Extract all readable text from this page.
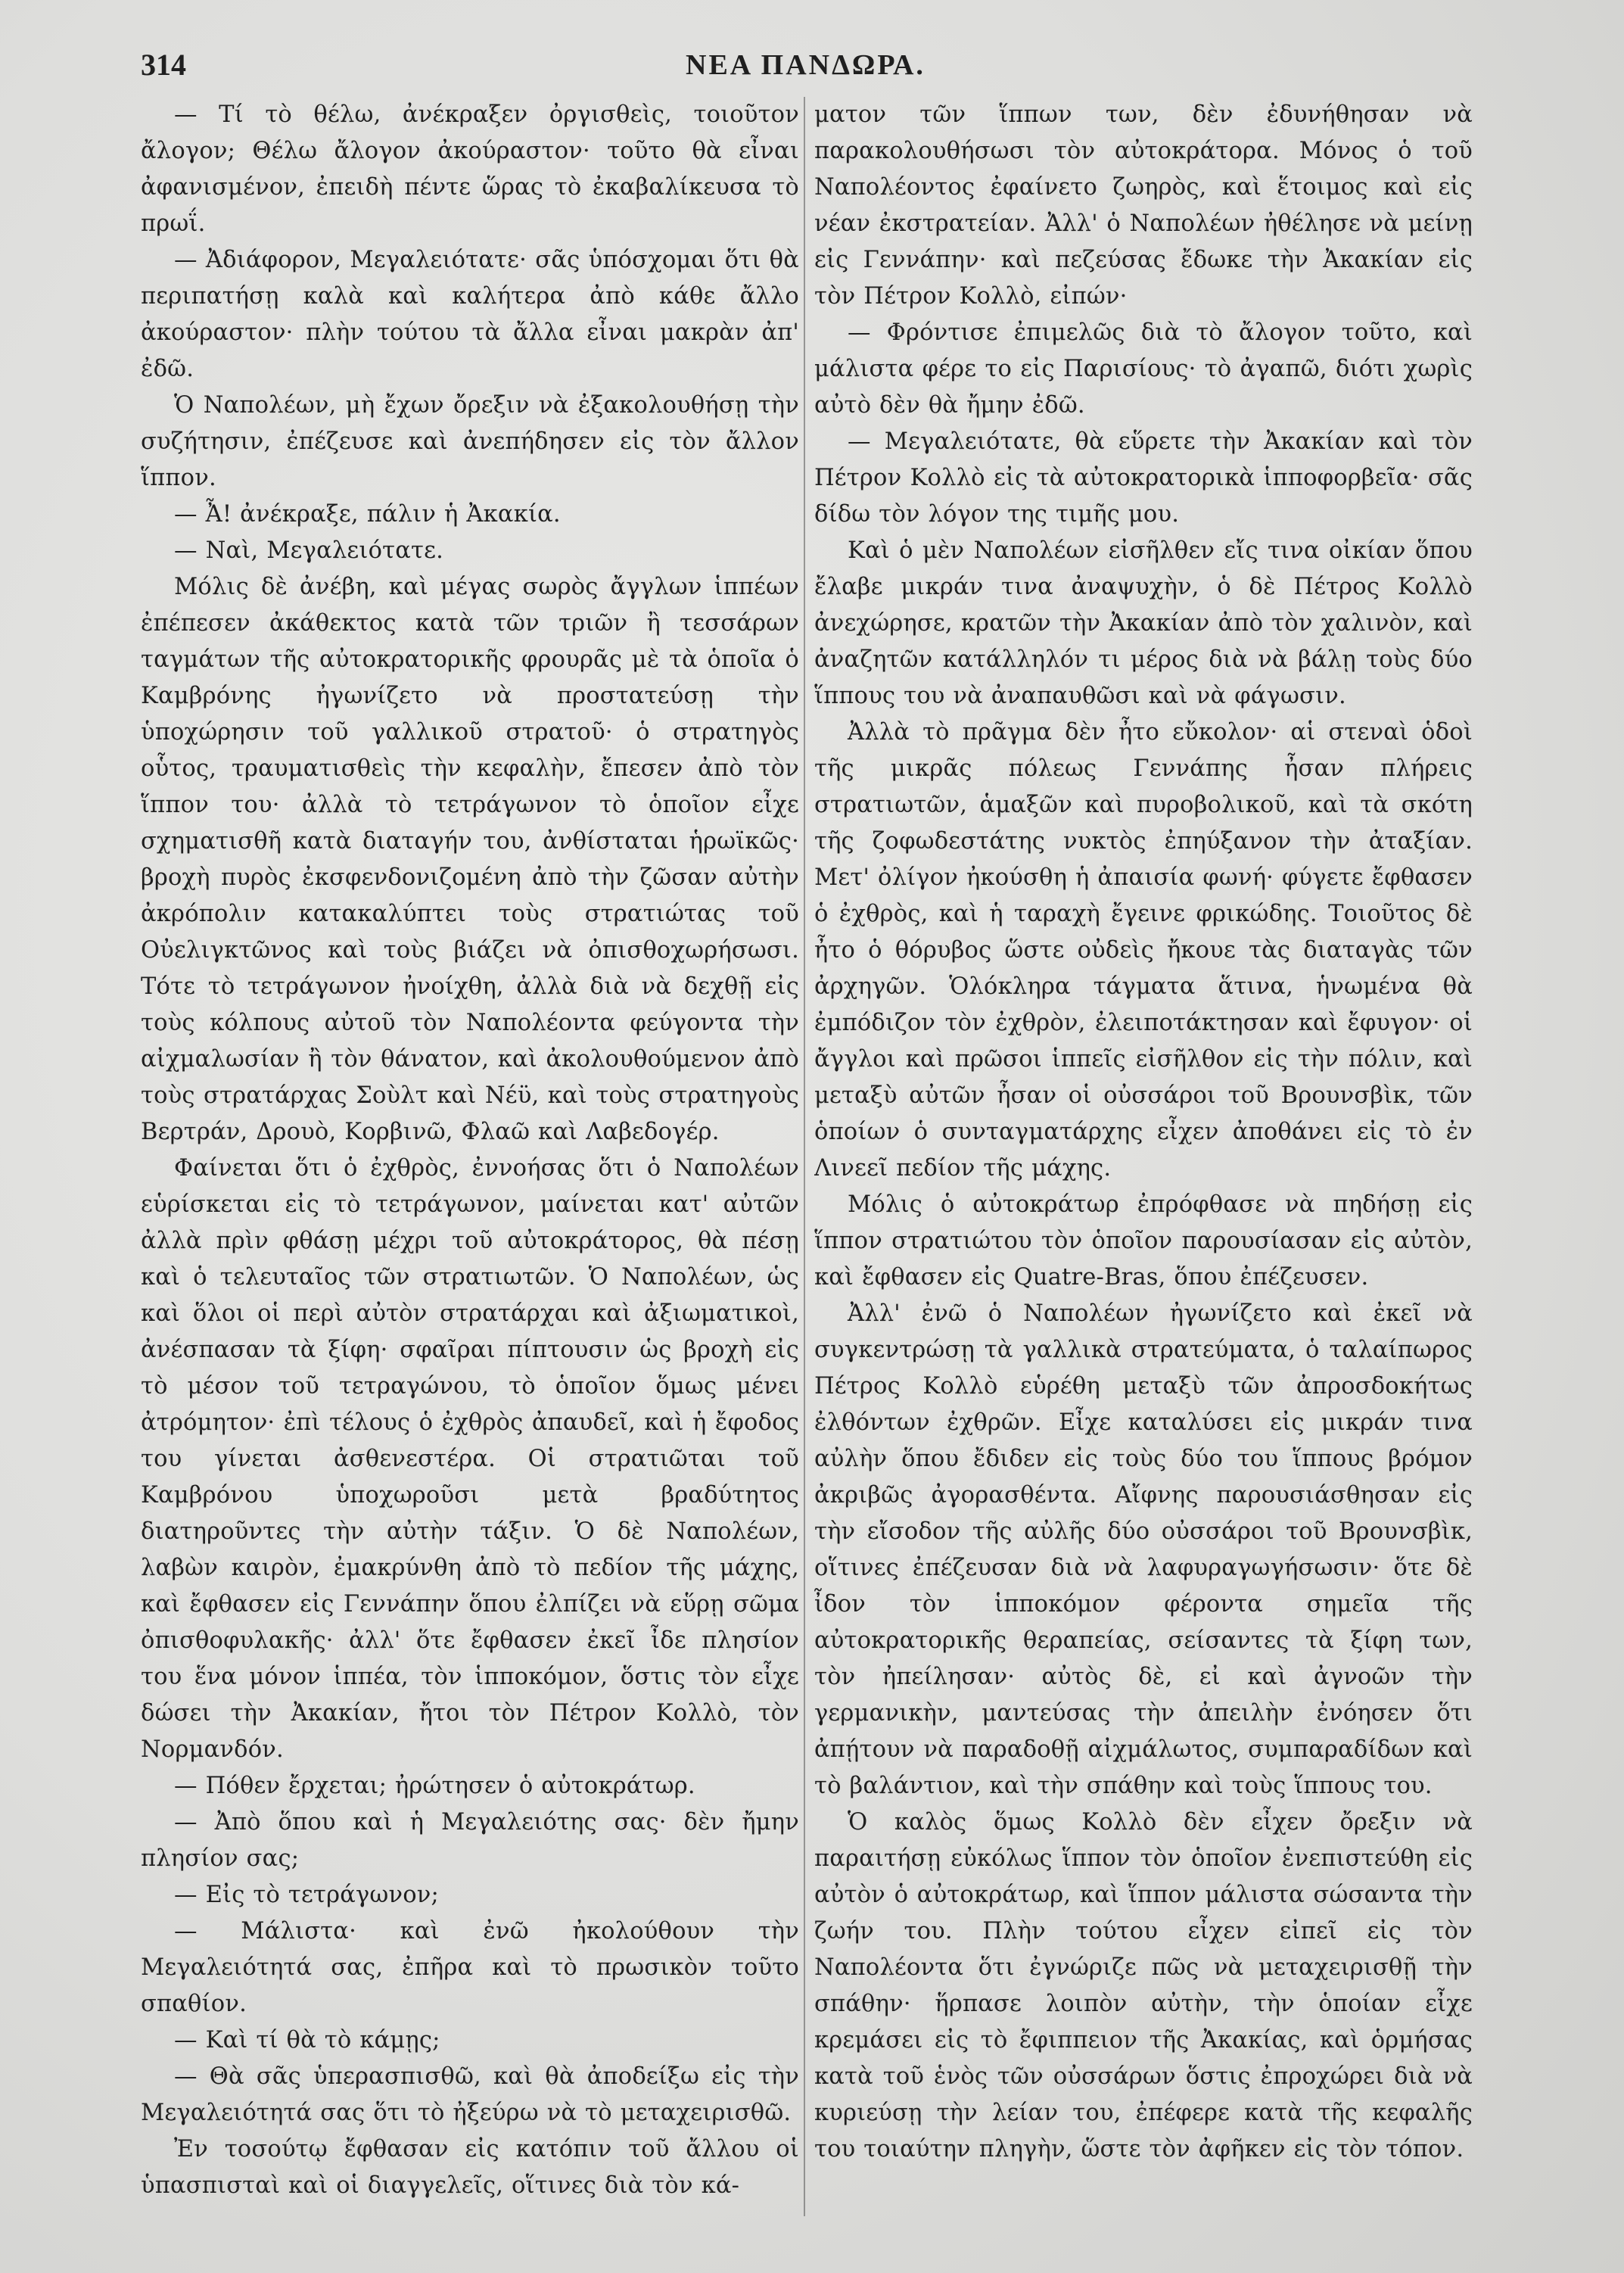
314	ΝΕΑ ΠΑΝΔΩΡΑ.

— Τί τὸ θέλω, ἀνέκραξεν ὀργισθεὶς, τοιοῦτον ἄλογον; Θέλω ἄλογον ἀκούραστον· τοῦτο θὰ εἶναι ἀφανισμένον, ἐπειδὴ πέντε ὥρας τὸ ἐκαβαλίκευσα τὸ πρωΐ.

— Ἀδιάφορον, Μεγαλειότατε· σᾶς ὑπόσχομαι ὅτι θὰ περιπατήσῃ καλὰ καὶ καλήτερα ἀπὸ κάθε ἄλλο ἀκούραστον· πλὴν τούτου τὰ ἄλλα εἶναι μακρὰν ἀπ' ἐδῶ.

Ὁ Ναπολέων, μὴ ἔχων ὄρεξιν νὰ ἐξακολουθήσῃ τὴν συζήτησιν, ἐπέζευσε καὶ ἀνεπήδησεν εἰς τὸν ἄλλον ἵππον.

— Ἆ! ἀνέκραξε, πάλιν ἡ Ἀκακία.

— Ναὶ, Μεγαλειότατε.

Μόλις δὲ ἀνέβη, καὶ μέγας σωρὸς ἄγγλων ἱππέων ἐπέπεσεν ἀκάθεκτος κατὰ τῶν τριῶν ἢ τεσσάρων ταγμάτων τῆς αὐτοκρατορικῆς φρουρᾶς μὲ τὰ ὁποῖα ὁ Καμβρόνης ἠγωνίζετο νὰ προστατεύσῃ τὴν ὑποχώρησιν τοῦ γαλλικοῦ στρατοῦ· ὁ στρατηγὸς οὗτος, τραυματισθεὶς τὴν κεφαλὴν, ἔπεσεν ἀπὸ τὸν ἵππον του· ἀλλὰ τὸ τετράγωνον τὸ ὁποῖον εἶχε σχηματισθῆ κατὰ διαταγήν του, ἀνθίσταται ἡρωϊκῶς· βροχὴ πυρὸς ἐκσφενδονιζομένη ἀπὸ τὴν ζῶσαν αὐτὴν ἀκρόπολιν κατακαλύπτει τοὺς στρατιώτας τοῦ Οὐελιγκτῶνος καὶ τοὺς βιάζει νὰ ὀπισθοχωρήσωσι. Τότε τὸ τετράγωνον ἠνοίχθη, ἀλλὰ διὰ νὰ δεχθῇ εἰς τοὺς κόλπους αὐτοῦ τὸν Ναπολέοντα φεύγοντα τὴν αἰχμαλωσίαν ἢ τὸν θάνατον, καὶ ἀκολουθούμενον ἀπὸ τοὺς στρατάρχας Σοὺλτ καὶ Νέϋ, καὶ τοὺς στρατηγοὺς Βερτράν, Δρουὸ, Κορβινῶ, Φλαῶ καὶ Λαβεδογέρ.

Φαίνεται ὅτι ὁ ἐχθρὸς, ἐννοήσας ὅτι ὁ Ναπολέων εὑρίσκεται εἰς τὸ τετράγωνον, μαίνεται κατ' αὐτῶν ἀλλὰ πρὶν φθάσῃ μέχρι τοῦ αὐτοκράτορος, θὰ πέσῃ καὶ ὁ τελευταῖος τῶν στρατιωτῶν. Ὁ Ναπολέων, ὡς καὶ ὅλοι οἱ περὶ αὐτὸν στρατάρχαι καὶ ἀξιωματικοὶ, ἀνέσπασαν τὰ ξίφη· σφαῖραι πίπτουσιν ὡς βροχὴ εἰς τὸ μέσον τοῦ τετραγώνου, τὸ ὁποῖον ὅμως μένει ἀτρόμητον· ἐπὶ τέλους ὁ ἐχθρὸς ἀπαυδεῖ, καὶ ἡ ἔφοδος του γίνεται ἀσθενεστέρα. Οἱ στρατιῶται τοῦ Καμβρόνου ὑποχωροῦσι μετὰ βραδύτητος διατηροῦντες τὴν αὐτὴν τάξιν. Ὁ δὲ Ναπολέων, λαβὼν καιρὸν, ἐμακρύνθη ἀπὸ τὸ πεδίον τῆς μάχης, καὶ ἔφθασεν εἰς Γεννάπην ὅπου ἐλπίζει νὰ εὕρῃ σῶμα ὀπισθοφυλακῆς· ἀλλ' ὅτε ἔφθασεν ἐκεῖ ἶδε πλησίον του ἕνα μόνον ἱππέα, τὸν ἱπποκόμον, ὅστις τὸν εἶχε δώσει τὴν Ἀκακίαν, ἤτοι τὸν Πέτρον Κολλὸ, τὸν Νορμανδόν.

— Πόθεν ἔρχεται; ἠρώτησεν ὁ αὐτοκράτωρ.

— Ἀπὸ ὅπου καὶ ἡ Μεγαλειότης σας· δὲν ἤμην πλησίον σας;

— Εἰς τὸ τετράγωνον;

— Μάλιστα· καὶ ἐνῶ ἠκολούθουν τὴν Μεγαλειότητά σας, ἐπῆρα καὶ τὸ πρωσικὸν τοῦτο σπαθίον.

— Καὶ τί θὰ τὸ κάμῃς;

— Θὰ σᾶς ὑπερασπισθῶ, καὶ θὰ ἀποδείξω εἰς τὴν Μεγαλειότητά σας ὅτι τὸ ἠξεύρω νὰ τὸ μεταχειρισθῶ.

Ἐν τοσούτῳ ἔφθασαν εἰς κατόπιν τοῦ ἄλλου οἱ ὑπασπισταὶ καὶ οἱ διαγγελεῖς, οἵτινες διὰ τὸν κά-

ματον τῶν ἵππων των, δὲν ἐδυνήθησαν νὰ παρακολουθήσωσι τὸν αὐτοκράτορα. Μόνος ὁ τοῦ Ναπολέοντος ἐφαίνετο ζωηρὸς, καὶ ἕτοιμος καὶ εἰς νέαν ἐκστρατείαν. Ἀλλ' ὁ Ναπολέων ἠθέλησε νὰ μείνῃ εἰς Γεννάπην· καὶ πεζεύσας ἔδωκε τὴν Ἀκακίαν εἰς τὸν Πέτρον Κολλὸ, εἰπών·

— Φρόντισε ἐπιμελῶς διὰ τὸ ἄλογον τοῦτο, καὶ μάλιστα φέρε το εἰς Παρισίους· τὸ ἀγαπῶ, διότι χωρὶς αὐτὸ δὲν θὰ ἤμην ἐδῶ.

— Μεγαλειότατε, θὰ εὕρετε τὴν Ἀκακίαν καὶ τὸν Πέτρον Κολλὸ εἰς τὰ αὐτοκρατορικὰ ἱπποφορβεῖα· σᾶς δίδω τὸν λόγον της τιμῆς μου.

Καὶ ὁ μὲν Ναπολέων εἰσῆλθεν εἴς τινα οἰκίαν ὅπου ἔλαβε μικράν τινα ἀναψυχὴν, ὁ δὲ Πέτρος Κολλὸ ἀνεχώρησε, κρατῶν τὴν Ἀκακίαν ἀπὸ τὸν χαλινὸν, καὶ ἀναζητῶν κατάλληλόν τι μέρος διὰ νὰ βάλῃ τοὺς δύο ἵππους του νὰ ἀναπαυθῶσι καὶ νὰ φάγωσιν.

Ἀλλὰ τὸ πρᾶγμα δὲν ἦτο εὔκολον· αἱ στεναὶ ὁδοὶ τῆς μικρᾶς πόλεως Γεννάπης ἦσαν πλήρεις στρατιωτῶν, ἁμαξῶν καὶ πυροβολικοῦ, καὶ τὰ σκότη τῆς ζοφωδεστάτης νυκτὸς ἐπηύξανον τὴν ἀταξίαν. Μετ' ὀλίγον ἠκούσθη ἡ ἀπαισία φωνή· φύγετε ἔφθασεν ὁ ἐχθρὸς, καὶ ἡ ταραχὴ ἔγεινε φρικώδης. Τοιοῦτος δὲ ἦτο ὁ θόρυβος ὥστε οὐδεὶς ἤκουε τὰς διαταγὰς τῶν ἀρχηγῶν. Ὁλόκληρα τάγματα ἅτινα, ἡνωμένα θὰ ἐμπόδιζον τὸν ἐχθρὸν, ἐλειποτάκτησαν καὶ ἔφυγον· οἱ ἄγγλοι καὶ πρῶσοι ἱππεῖς εἰσῆλθον εἰς τὴν πόλιν, καὶ μεταξὺ αὐτῶν ἦσαν οἱ οὐσσάροι τοῦ Βρουνσβὶκ, τῶν ὁποίων ὁ συνταγματάρχης εἶχεν ἀποθάνει εἰς τὸ ἐν Λινεεῖ πεδίον τῆς μάχης.

Μόλις ὁ αὐτοκράτωρ ἐπρόφθασε νὰ πηδήσῃ εἰς ἵππον στρατιώτου τὸν ὁποῖον παρουσίασαν εἰς αὐτὸν, καὶ ἔφθασεν εἰς Quatre-Bras, ὅπου ἐπέζευσεν.

Ἀλλ' ἐνῶ ὁ Ναπολέων ἠγωνίζετο καὶ ἐκεῖ νὰ συγκεντρώσῃ τὰ γαλλικὰ στρατεύματα, ὁ ταλαίπωρος Πέτρος Κολλὸ εὑρέθη μεταξὺ τῶν ἀπροσδοκήτως ἐλθόντων ἐχθρῶν. Εἶχε καταλύσει εἰς μικράν τινα αὐλὴν ὅπου ἔδιδεν εἰς τοὺς δύο του ἵππους βρόμον ἀκριβῶς ἀγορασθέντα. Αἴφνης παρουσιάσθησαν εἰς τὴν εἴσοδον τῆς αὐλῆς δύο οὐσσάροι τοῦ Βρουνσβὶκ, οἵτινες ἐπέζευσαν διὰ νὰ λαφυραγωγήσωσιν· ὅτε δὲ ἶδον τὸν ἱπποκόμον φέροντα σημεῖα τῆς αὐτοκρατορικῆς θεραπείας, σείσαντες τὰ ξίφη των, τὸν ἠπείλησαν· αὐτὸς δὲ, εἰ καὶ ἀγνοῶν τὴν γερμανικὴν, μαντεύσας τὴν ἀπειλὴν ἐνόησεν ὅτι ἀπῄτουν νὰ παραδοθῇ αἰχμάλωτος, συμπαραδίδων καὶ τὸ βαλάντιον, καὶ τὴν σπάθην καὶ τοὺς ἵππους του.

Ὁ καλὸς ὅμως Κολλὸ δὲν εἶχεν ὄρεξιν νὰ παραιτήσῃ εὐκόλως ἵππον τὸν ὁποῖον ἐνεπιστεύθη εἰς αὐτὸν ὁ αὐτοκράτωρ, καὶ ἵππον μάλιστα σώσαντα τὴν ζωήν του. Πλὴν τούτου εἶχεν εἰπεῖ εἰς τὸν Ναπολέοντα ὅτι ἐγνώριζε πῶς νὰ μεταχειρισθῇ τὴν σπάθην· ἥρπασε λοιπὸν αὐτὴν, τὴν ὁποίαν εἶχε κρεμάσει εἰς τὸ ἔφιππειον τῆς Ἀκακίας, καὶ ὁρμήσας κατὰ τοῦ ἑνὸς τῶν οὐσσάρων ὅστις ἐπροχώρει διὰ νὰ κυριεύσῃ τὴν λείαν του, ἐπέφερε κατὰ τῆς κεφαλῆς του τοιαύτην πληγὴν, ὥστε τὸν ἀφῆκεν εἰς τὸν τόπον.
